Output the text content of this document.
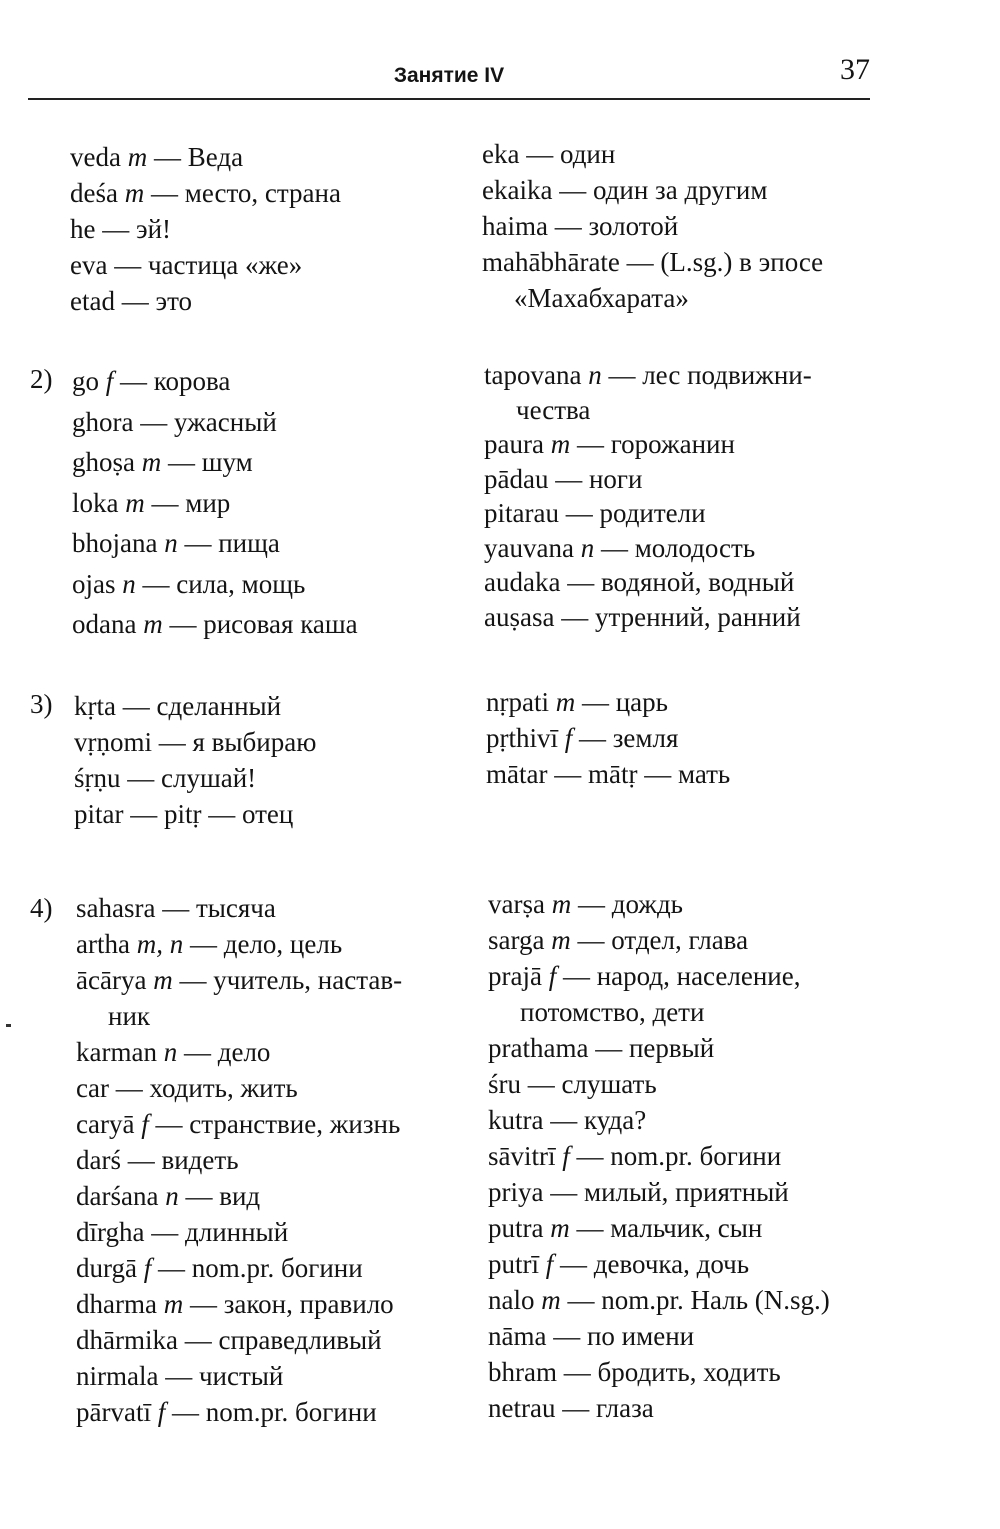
Занятие IV	37
veda m — Веда
deśa m — место, страна
he — эй!
eva — частица «же»
etad — это
eka — один
ekaika — один за другим
haima — золотой
mahābhārate — (L.sg.) в эпосе
«Махабхарата»
2) go f — корова
ghora — ужасный
ghoṣa m — шум
loka m — мир
bhojana n — пища
ojas n — сила, мощь
odana m — рисовая каша
tapovana n — лес подвижни-
чества
paura m — горожанин
pādau — ноги
pitarau — родители
yauvana n — молодость
audaka — водяной, водный
auṣasa — утренний, ранний
3) kṛta — сделанный
vṛṇomi — я выбираю
śṛṇu — слушай!
pitar — pitṛ — отец
nṛpati m — царь
pṛthivī f — земля
mātar — mātṛ — мать
4) sahasra — тысяча
artha m, n — дело, цель
ācārya m — учитель, настав-
ник
karman n — дело
car — ходить, жить
caryā f — странствие, жизнь
darś — видеть
darśana n — вид
dīrgha — длинный
durgā f — nom.pr. богини
dharma m — закон, правило
dhārmika — справедливый
nirmala — чистый
pārvatī f — nom.pr. богини
varṣa m — дождь
sarga m — отдел, глава
prajā f — народ, население,
потомство, дети
prathama — первый
śru — слушать
kutra — куда?
sāvitrī f — nom.pr. богини
priya — милый, приятный
putra m — мальчик, сын
putrī f — девочка, дочь
nalo m — nom.pr. Наль (N.sg.)
nāma — по имени
bhram — бродить, ходить
netrau — глаза
